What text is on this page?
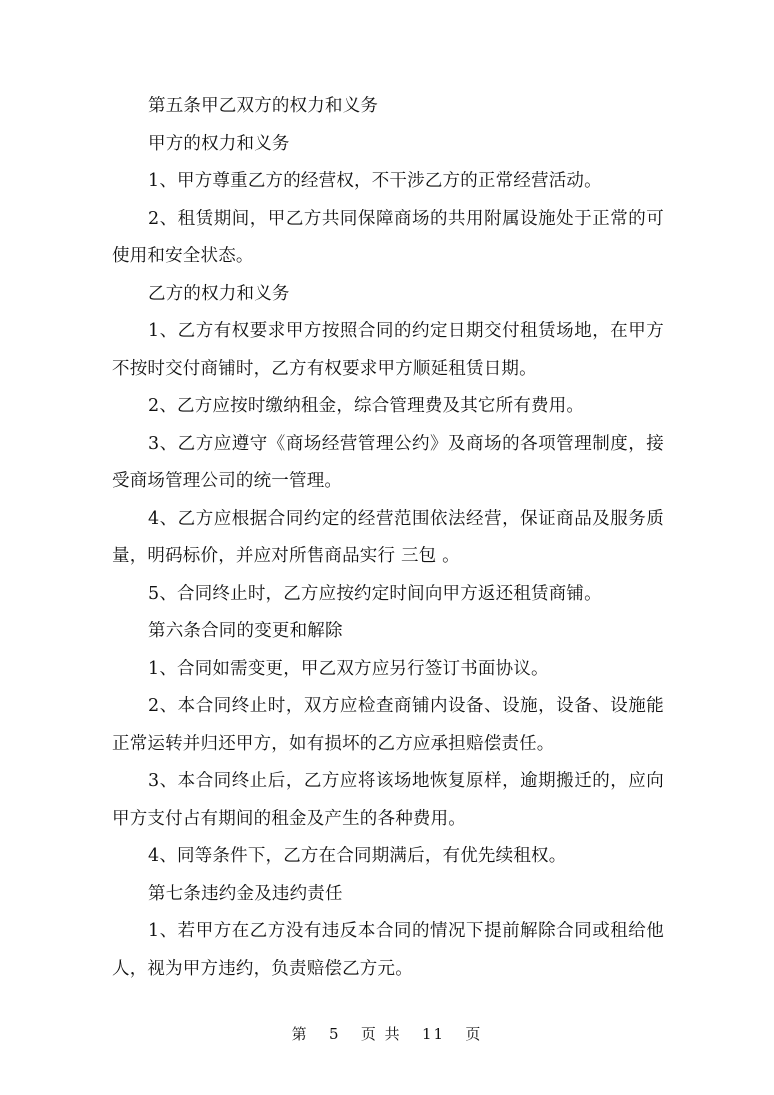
第五条甲乙双方的权力和义务
甲方的权力和义务
1、甲方尊重乙方的经营权，不干涉乙方的正常经营活动。
2、租赁期间，甲乙方共同保障商场的共用附属设施处于正常的可
使用和安全状态。
乙方的权力和义务
1、乙方有权要求甲方按照合同的约定日期交付租赁场地，在甲方
不按时交付商铺时，乙方有权要求甲方顺延租赁日期。
2、乙方应按时缴纳租金，综合管理费及其它所有费用。
3、乙方应遵守《商场经营管理公约》及商场的各项管理制度，接
受商场管理公司的统一管理。
4、乙方应根据合同约定的经营范围依法经营，保证商品及服务质
量，明码标价，并应对所售商品实行 三包 。
5、合同终止时，乙方应按约定时间向甲方返还租赁商铺。
第六条合同的变更和解除
1、合同如需变更，甲乙双方应另行签订书面协议。
2、本合同终止时，双方应检查商铺内设备、设施，设备、设施能
正常运转并归还甲方，如有损坏的乙方应承担赔偿责任。
3、本合同终止后，乙方应将该场地恢复原样，逾期搬迁的，应向
甲方支付占有期间的租金及产生的各种费用。
4、同等条件下，乙方在合同期满后，有优先续租权。
第七条违约金及违约责任
1、若甲方在乙方没有违反本合同的情况下提前解除合同或租给他
人，视为甲方违约，负责赔偿乙方元。
第 5 页 共 11 页
